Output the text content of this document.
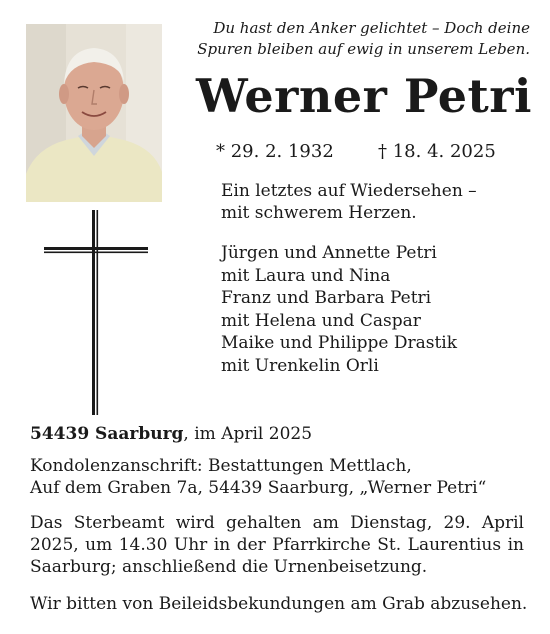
Du hast den Anker gelichtet – Doch deine
Spuren bleiben auf ewig in unserem Leben.
Werner Petri
* 29. 2. 1932 † 18. 4. 2025
Ein letztes auf Wiedersehen –
mit schwerem Herzen.
Jürgen und Annette Petri
mit Laura und Nina
Franz und Barbara Petri
mit Helena und Caspar
Maike und Philippe Drastik
mit Urenkelin Orli
54439 Saarburg, im April 2025
Kondolenzanschrift: Bestattungen Mettlach,
Auf dem Graben 7a, 54439 Saarburg, „Werner Petri“
Das Sterbeamt wird gehalten am Dienstag, 29. April 2025, um 14.30 Uhr in der Pfarrkirche St. Laurentius in Saarburg; anschließend die Urnenbeisetzung.
Wir bitten von Beileidsbekundungen am Grab abzusehen.
